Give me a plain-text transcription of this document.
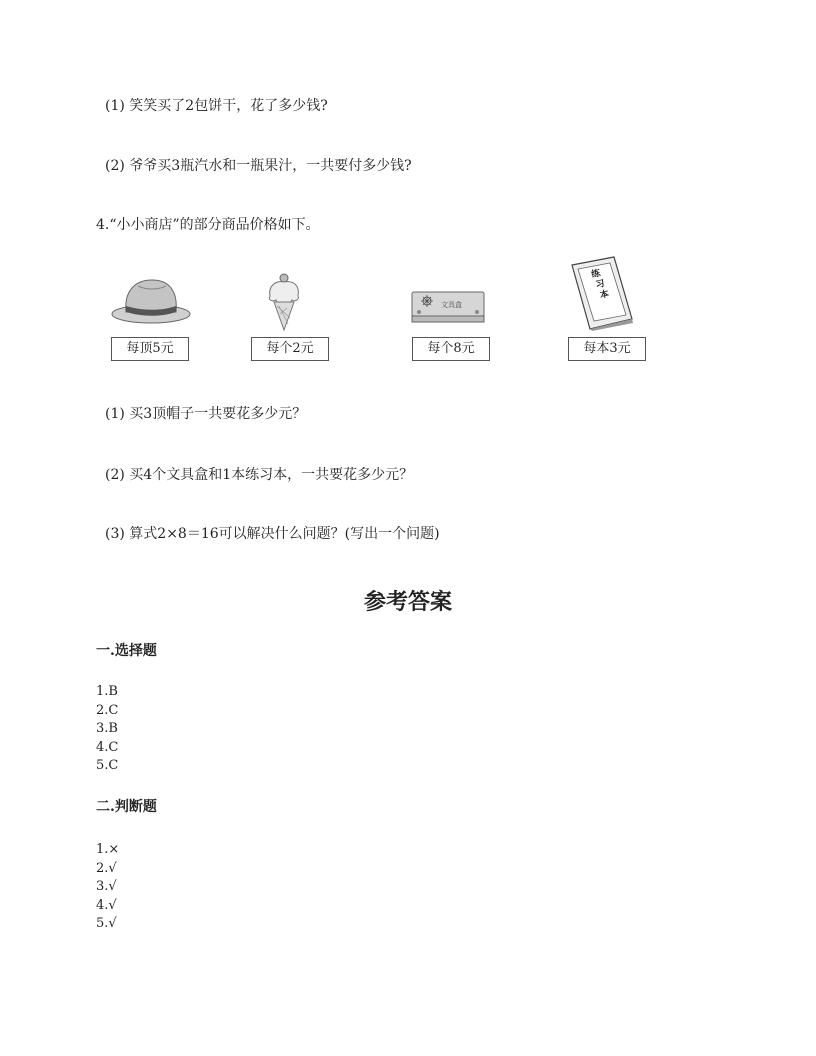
(1) 笑笑买了2包饼干，花了多少钱?
(2) 爷爷买3瓶汽水和一瓶果汁，一共要付多少钱?
4.“小小商店”的部分商品价格如下。
每顶5元	每个2元
文具盒
每个8元
练 习 本
每本3元
(1) 买3顶帽子一共要花多少元？
(2) 买4个文具盒和1本练习本，一共要花多少元？
(3) 算式2×8＝16可以解决什么问题？(写出一个问题)
参考答案
一.选择题
1.B
2.C
3.B
4.C
5.C
二.判断题
1.×
2.√
3.√
4.√
5.√
